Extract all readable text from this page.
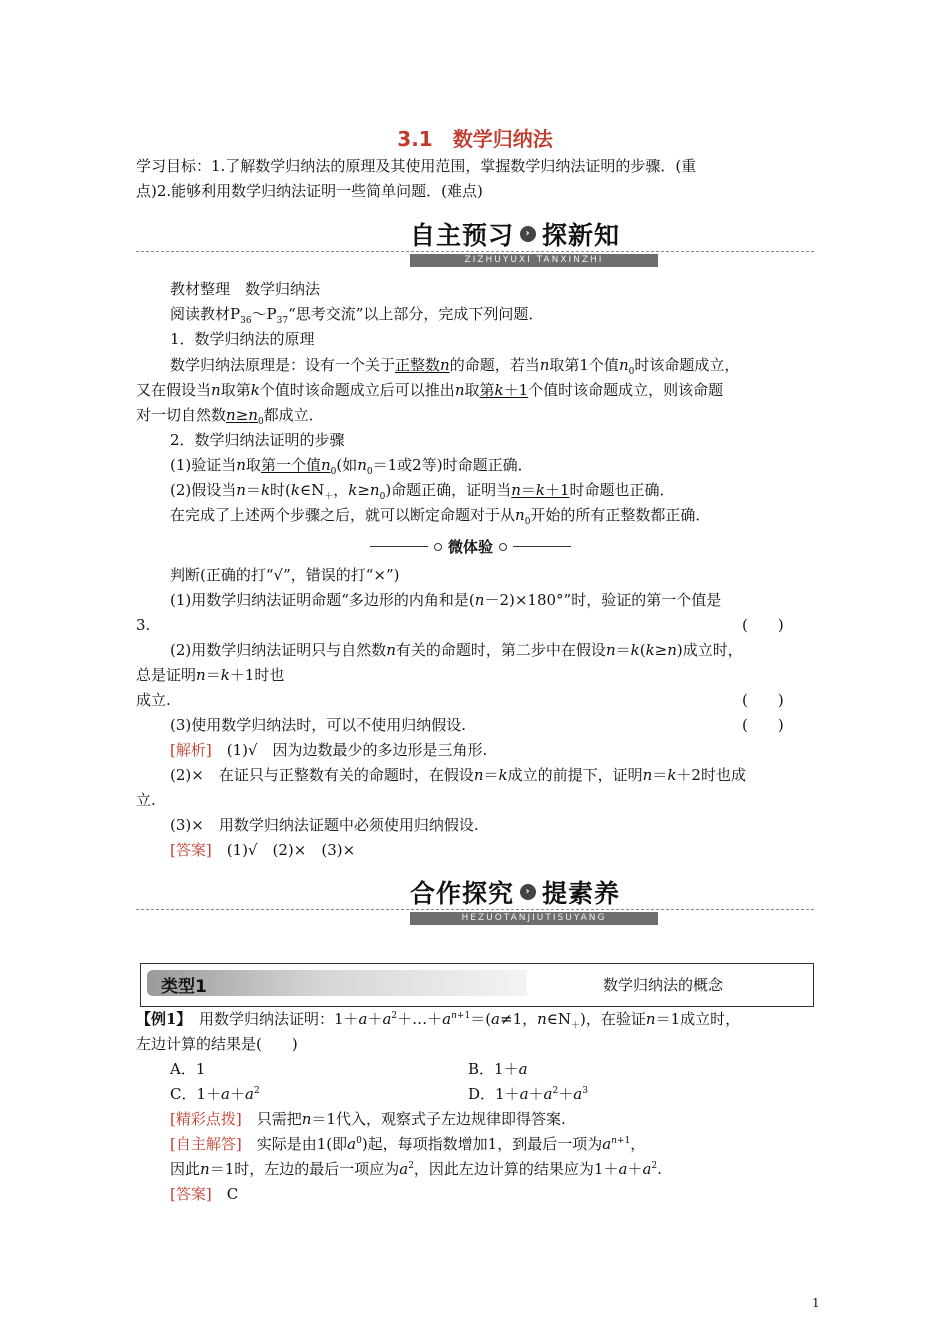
3.1　数学归纳法
学习目标：1.了解数学归纳法的原理及其使用范围，掌握数学归纳法证明的步骤．(重
点)2.能够利用数学归纳法证明一些简单问题．(难点)
自主预习	› 探新知
ZIZHUYUXI TANXINZHI
教材整理　数学归纳法
阅读教材$P_{36}\sim P_{37}“$思考交流”以上部分，完成下列问题．
1．数学归纳法的原理
数学归纳法原理是：设有一个关于正整数n的命题，若当n取第1个值$n_0$时该命题成立，
又在假设当n取第k个值时该命题成立后可以推出n取第k＋1个值时该命题成立，则该命题
对一切自然数$n\ge n_0$都成立．
2．数学归纳法证明的步骤
(1)验证当n取第一个值$n_0$(如$n_0=1$或2等)时命题正确．
(2)假设当n＝k时($k\in N_+$，$k\ge n_0$)命题正确，证明当n＝k＋1时命题也正确．
在完成了上述两个步骤之后，就可以断定命题对于从$n_0$开始的所有正整数都正确．
微体验
判断(正确的打“√”，错误的打“×”)
(1)用数学归纳法证明命题“多边形的内角和是(n－2)×180°”时，验证的第一个值是
3.	(　　)
(2)用数学归纳法证明只与自然数n有关的命题时，第二步中在假设n＝k(k≥n)成立时，
总是证明n＝k＋1时也
成立.	(　　)
(3)使用数学归纳法时，可以不使用归纳假设.	(　　)
[解析]　(1)√　因为边数最少的多边形是三角形.
(2)×　在证只与正整数有关的命题时，在假设n＝k成立的前提下，证明n＝k＋2时也成
立.
(3)×　用数学归纳法证题中必须使用归纳假设.
[答案]　(1)√　(2)×　(3)×
合作探究	› 提素养
HEZUOTANJIUTISUYANG
类型1	数学归纳法的概念
【例1】　用数学归纳法证明：$1+a+a^2+\dots+a^{n+1}=(a\ne 1$，$n\in N_+$)，在验证n＝1成立时，
左边计算的结果是(　　)
A．1	B．1＋a
C．$1+a+a^2$	D．$1+a+a^2+a^3$
[精彩点拨]　只需把n＝1代入，观察式子左边规律即得答案.
[自主解答]　实际是由1(即$a^0$)起，每项指数增加1，到最后一项为$a^{n+1}$，
因此n＝1时，左边的最后一项应为$a^2$，因此左边计算的结果应为$1+a+a^2$.
[答案]　C
1
